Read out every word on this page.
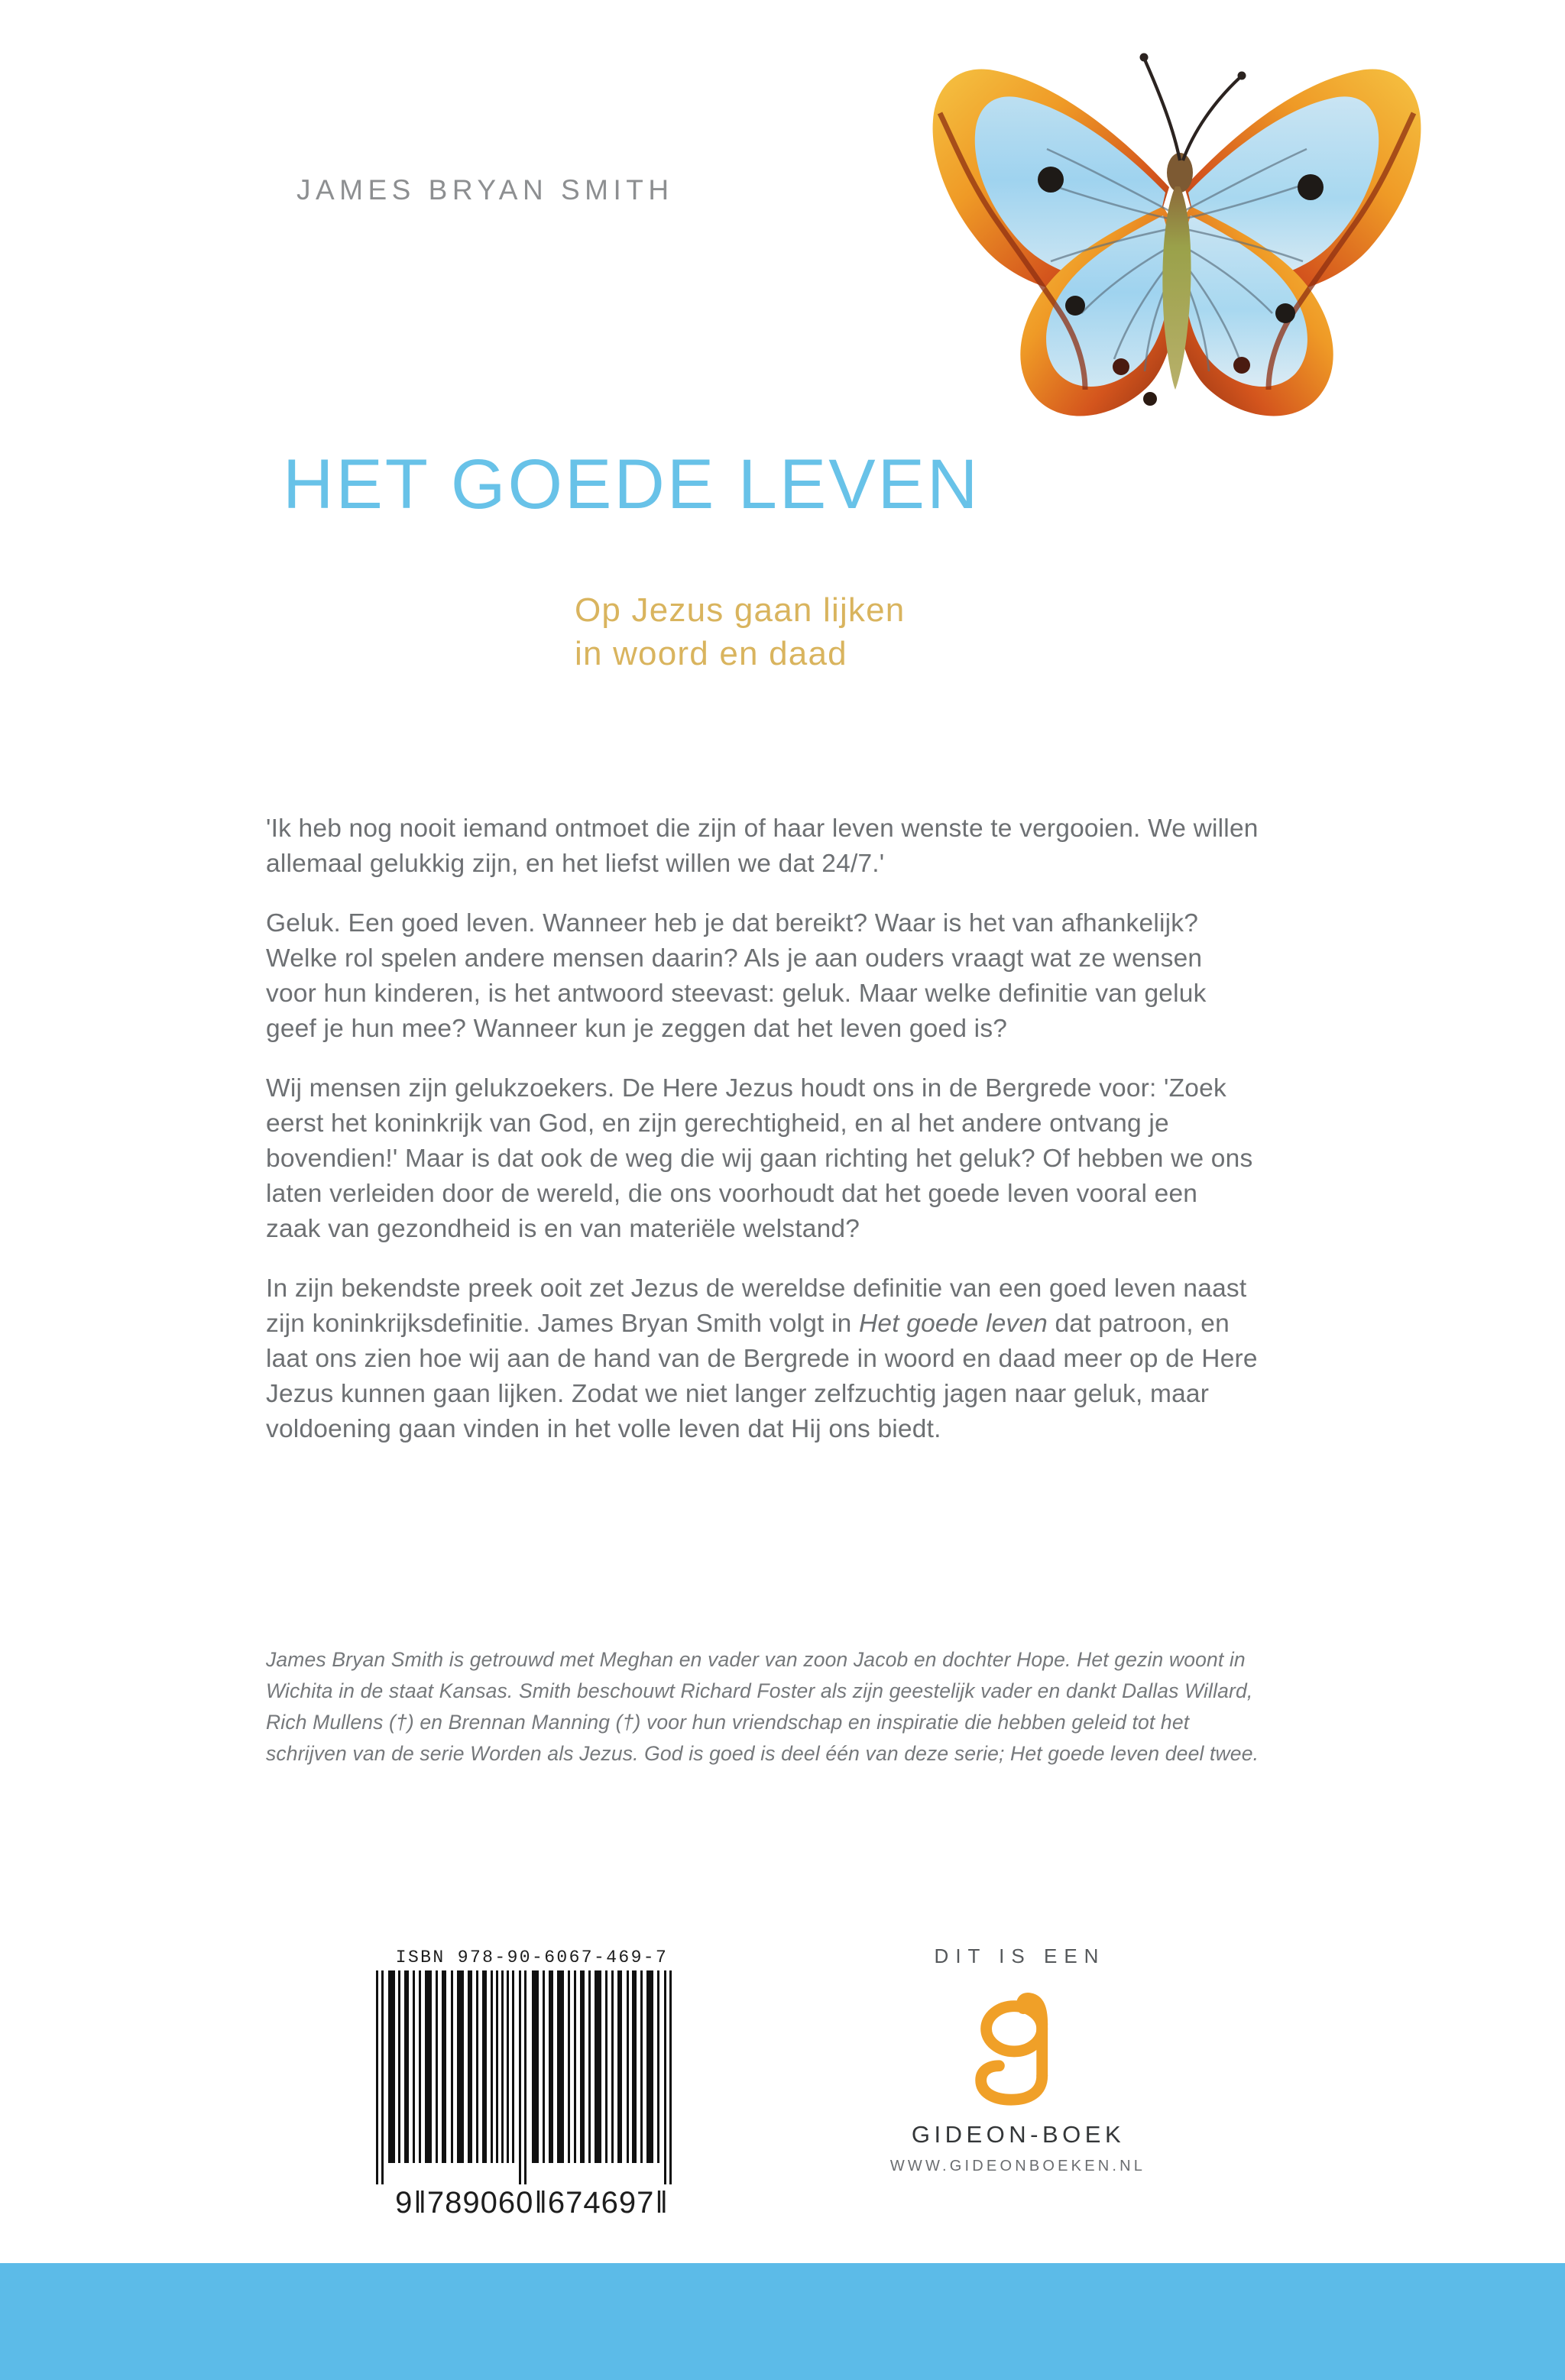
JAMES BRYAN SMITH
HET GOEDE LEVEN
Op Jezus gaan lijken
in woord en daad

'Ik heb nog nooit iemand ontmoet die zijn of haar leven wenste te vergooien. We willen allemaal gelukkig zijn, en het liefst willen we dat 24/7.'

Geluk. Een goed leven. Wanneer heb je dat bereikt? Waar is het van afhankelijk? Welke rol spelen andere mensen daarin? Als je aan ouders vraagt wat ze wensen voor hun kinderen, is het antwoord steevast: geluk. Maar welke definitie van geluk geef je hun mee? Wanneer kun je zeggen dat het leven goed is?

Wij mensen zijn gelukzoekers. De Here Jezus houdt ons in de Bergrede voor: 'Zoek eerst het koninkrijk van God, en zijn gerechtigheid, en al het andere ontvang je bovendien!' Maar is dat ook de weg die wij gaan richting het geluk? Of hebben we ons laten verleiden door de wereld, die ons voorhoudt dat het goede leven vooral een zaak van gezondheid is en van materiële welstand?

In zijn bekendste preek ooit zet Jezus de wereldse definitie van een goed leven naast zijn koninkrijksdefinitie. James Bryan Smith volgt in Het goede leven dat patroon, en laat ons zien hoe wij aan de hand van de Bergrede in woord en daad meer op de Here Jezus kunnen gaan lijken. Zodat we niet langer zelfzuchtig jagen naar geluk, maar voldoening gaan vinden in het volle leven dat Hij ons biedt.

James Bryan Smith is getrouwd met Meghan en vader van zoon Jacob en dochter Hope. Het gezin woont in Wichita in de staat Kansas. Smith beschouwt Richard Foster als zijn geestelijk vader en dankt Dallas Willard, Rich Mullens (†) en Brennan Manning (†) voor hun vriendschap en inspiratie die hebben geleid tot het schrijven van de serie Worden als Jezus. God is goed is deel één van deze serie; Het goede leven deel twee.
ISBN 978-90-6067-469-7
9‖789060‖674697‖
DIT IS EEN
GIDEON-BOEK
WWW.GIDEONBOEKEN.NL
